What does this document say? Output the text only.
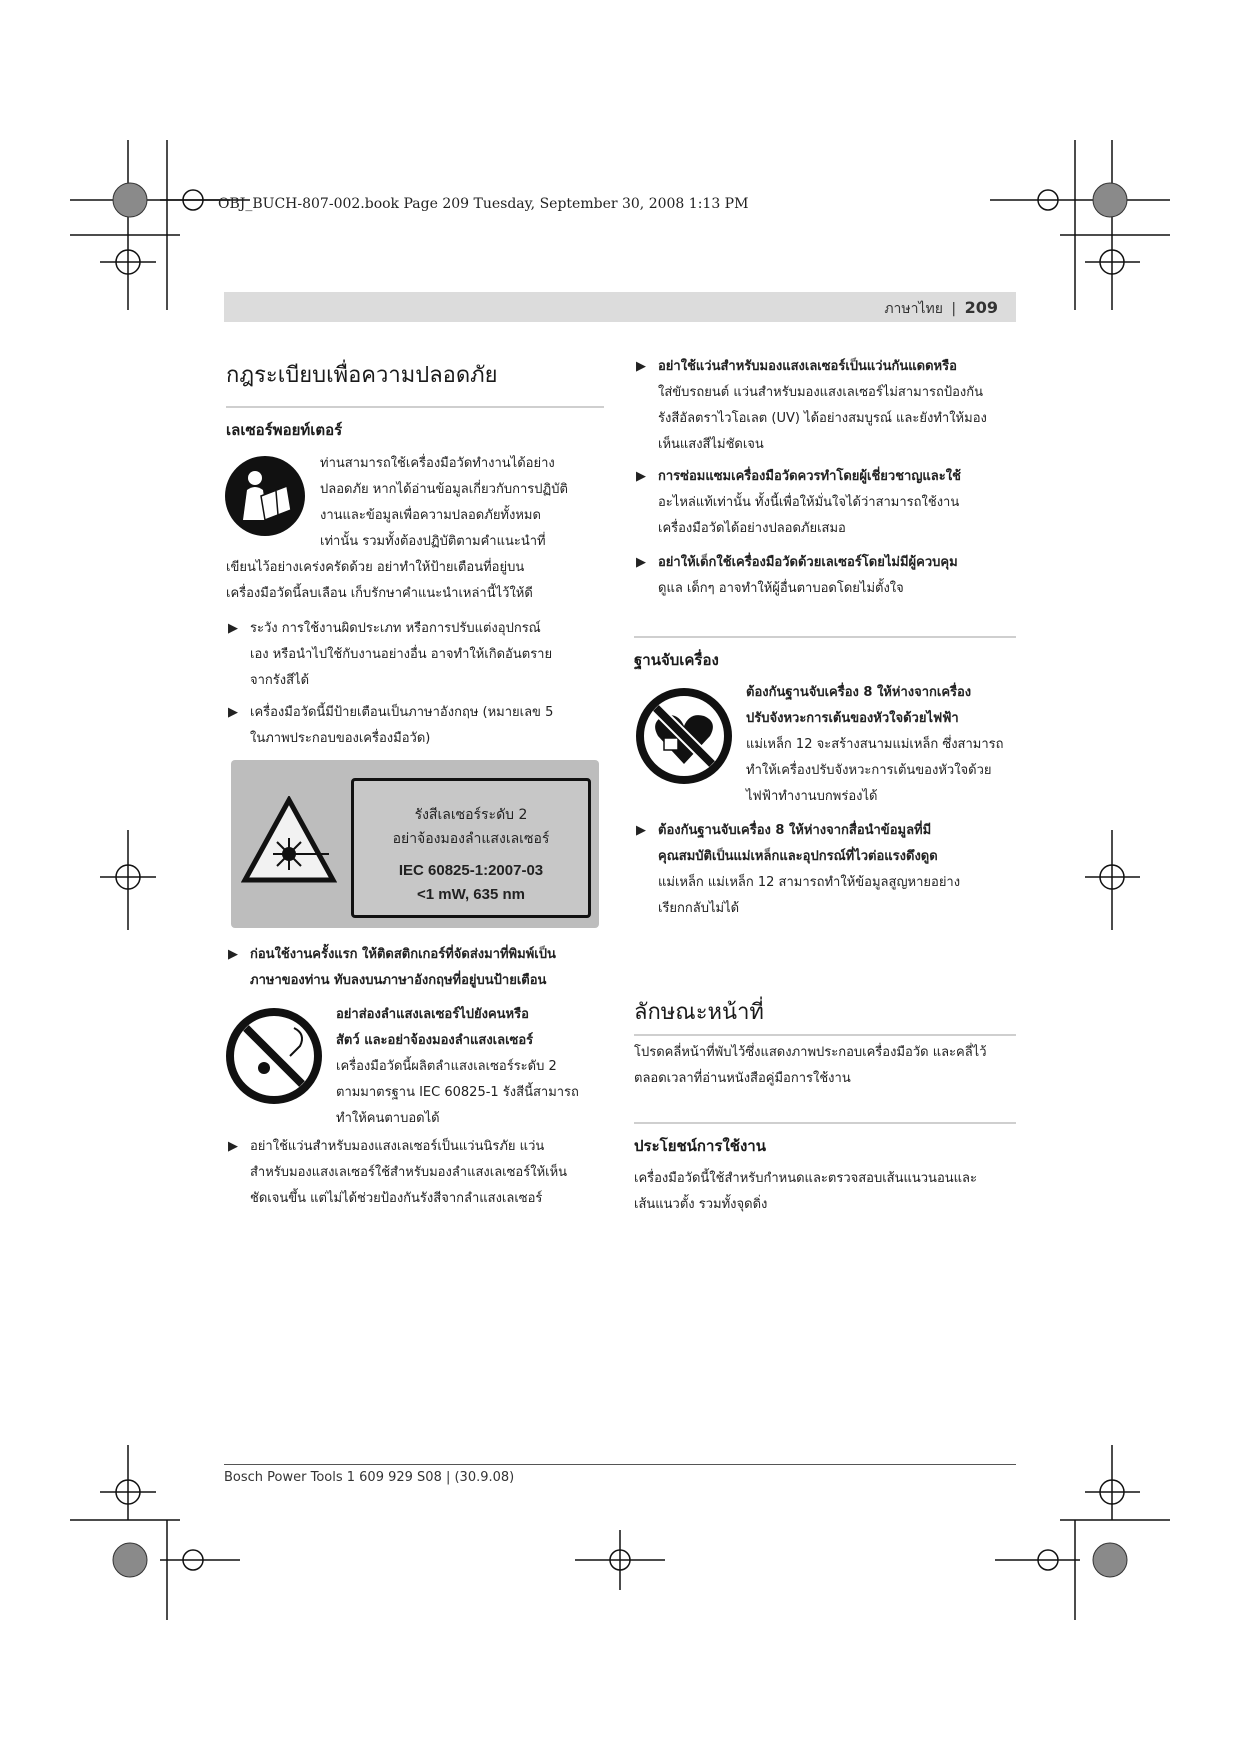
OBJ_BUCH-807-002.book Page 209 Tuesday, September 30, 2008 1:13 PM
ภาษาไทย | 209
กฎระเบียบเพื่อความปลอดภัย
เลเซอร์พอยท์เตอร์
ท่านสามารถใช้เครื่องมือวัดทำงานได้อย่าง
ปลอดภัย หากได้อ่านข้อมูลเกี่ยวกับการปฏิบัติ
งานและข้อมูลเพื่อความปลอดภัยทั้งหมด
เท่านั้น รวมทั้งต้องปฏิบัติตามคำแนะนำที่
เขียนไว้อย่างเคร่งครัดด้วย อย่าทำให้ป้ายเตือนที่อยู่บน
เครื่องมือวัดนี้ลบเลือน เก็บรักษาคำแนะนำเหล่านี้ไว้ให้ดี
▶ ระวัง การใช้งานผิดประเภท หรือการปรับแต่งอุปกรณ์
เอง หรือนำไปใช้กับงานอย่างอื่น อาจทำให้เกิดอันตราย
จากรังสีได้
▶ เครื่องมือวัดนี้มีป้ายเตือนเป็นภาษาอังกฤษ (หมายเลข 5
ในภาพประกอบของเครื่องมือวัด)
รังสีเลเซอร์ระดับ 2
อย่าจ้องมองลำแสงเลเซอร์
IEC 60825-1:2007-03
<1 mW, 635 nm
▶ ก่อนใช้งานครั้งแรก ให้ติดสติกเกอร์ที่จัดส่งมาที่พิมพ์เป็น
ภาษาของท่าน ทับลงบนภาษาอังกฤษที่อยู่บนป้ายเตือน
อย่าส่องลำแสงเลเซอร์ไปยังคนหรือ
สัตว์ และอย่าจ้องมองลำแสงเลเซอร์
เครื่องมือวัดนี้ผลิตลำแสงเลเซอร์ระดับ 2
ตามมาตรฐาน IEC 60825-1 รังสีนี้สามารถ
ทำให้คนตาบอดได้
▶ อย่าใช้แว่นสำหรับมองแสงเลเซอร์เป็นแว่นนิรภัย แว่น
สำหรับมองแสงเลเซอร์ใช้สำหรับมองลำแสงเลเซอร์ให้เห็น
ชัดเจนขึ้น แต่ไม่ได้ช่วยป้องกันรังสีจากลำแสงเลเซอร์
▶ อย่าใช้แว่นสำหรับมองแสงเลเซอร์เป็นแว่นกันแดดหรือ
ใส่ขับรถยนต์ แว่นสำหรับมองแสงเลเซอร์ไม่สามารถป้องกัน
รังสีอัลตราไวโอเลต (UV) ได้อย่างสมบูรณ์ และยังทำให้มอง
เห็นแสงสีไม่ชัดเจน
▶ การซ่อมแซมเครื่องมือวัดควรทำโดยผู้เชี่ยวชาญและใช้
อะไหล่แท้เท่านั้น ทั้งนี้เพื่อให้มั่นใจได้ว่าสามารถใช้งาน
เครื่องมือวัดได้อย่างปลอดภัยเสมอ
▶ อย่าให้เด็กใช้เครื่องมือวัดด้วยเลเซอร์โดยไม่มีผู้ควบคุม
ดูแล เด็กๆ อาจทำให้ผู้อื่นตาบอดโดยไม่ตั้งใจ
ฐานจับเครื่อง
ต้องกันฐานจับเครื่อง 8 ให้ห่างจากเครื่อง
ปรับจังหวะการเต้นของหัวใจด้วยไฟฟ้า
แม่เหล็ก 12 จะสร้างสนามแม่เหล็ก ซึ่งสามารถ
ทำให้เครื่องปรับจังหวะการเต้นของหัวใจด้วย
ไฟฟ้าทำงานบกพร่องได้
▶ ต้องกันฐานจับเครื่อง 8 ให้ห่างจากสื่อนำข้อมูลที่มี
คุณสมบัติเป็นแม่เหล็กและอุปกรณ์ที่ไวต่อแรงดึงดูด
แม่เหล็ก แม่เหล็ก 12 สามารถทำให้ข้อมูลสูญหายอย่าง
เรียกกลับไม่ได้
ลักษณะหน้าที่
โปรดคลี่หน้าที่พับไว้ซึ่งแสดงภาพประกอบเครื่องมือวัด และคลี่ไว้
ตลอดเวลาที่อ่านหนังสือคู่มือการใช้งาน
ประโยชน์การใช้งาน
เครื่องมือวัดนี้ใช้สำหรับกำหนดและตรวจสอบเส้นแนวนอนและ
เส้นแนวตั้ง รวมทั้งจุดดิ่ง
Bosch Power Tools 1 609 929 S08 | (30.9.08)
